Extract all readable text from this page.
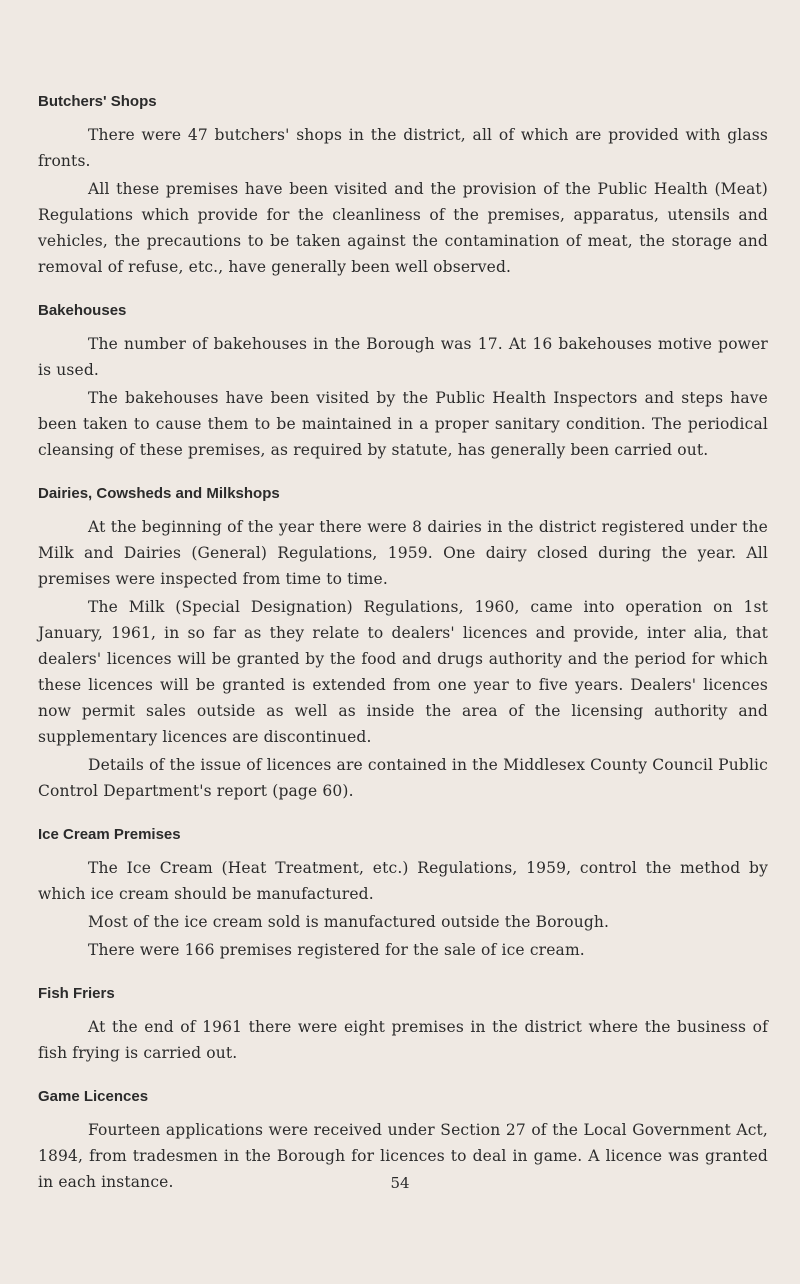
Butchers' Shops

There were 47 butchers' shops in the district, all of which are provided with glass fronts.

All these premises have been visited and the provision of the Public Health (Meat) Regulations which provide for the cleanliness of the premises, apparatus, utensils and vehicles, the precautions to be taken against the contamination of meat, the storage and removal of refuse, etc., have generally been well observed.

Bakehouses

The number of bakehouses in the Borough was 17. At 16 bakehouses motive power is used.

The bakehouses have been visited by the Public Health Inspectors and steps have been taken to cause them to be maintained in a proper sanitary condition. The periodical cleansing of these premises, as required by statute, has generally been carried out.

Dairies, Cowsheds and Milkshops

At the beginning of the year there were 8 dairies in the district registered under the Milk and Dairies (General) Regulations, 1959. One dairy closed during the year. All premises were inspected from time to time.

The Milk (Special Designation) Regulations, 1960, came into operation on 1st January, 1961, in so far as they relate to dealers' licences and provide, inter alia, that dealers' licences will be granted by the food and drugs authority and the period for which these licences will be granted is extended from one year to five years. Dealers' licences now permit sales outside as well as inside the area of the licensing authority and supplementary licences are discontinued.

Details of the issue of licences are contained in the Middlesex County Council Public Control Department's report (page 60).

Ice Cream Premises

The Ice Cream (Heat Treatment, etc.) Regulations, 1959, control the method by which ice cream should be manufactured.

Most of the ice cream sold is manufactured outside the Borough.

There were 166 premises registered for the sale of ice cream.

Fish Friers

At the end of 1961 there were eight premises in the district where the business of fish frying is carried out.

Game Licences

Fourteen applications were received under Section 27 of the Local Government Act, 1894, from tradesmen in the Borough for licences to deal in game. A licence was granted in each instance.	54
